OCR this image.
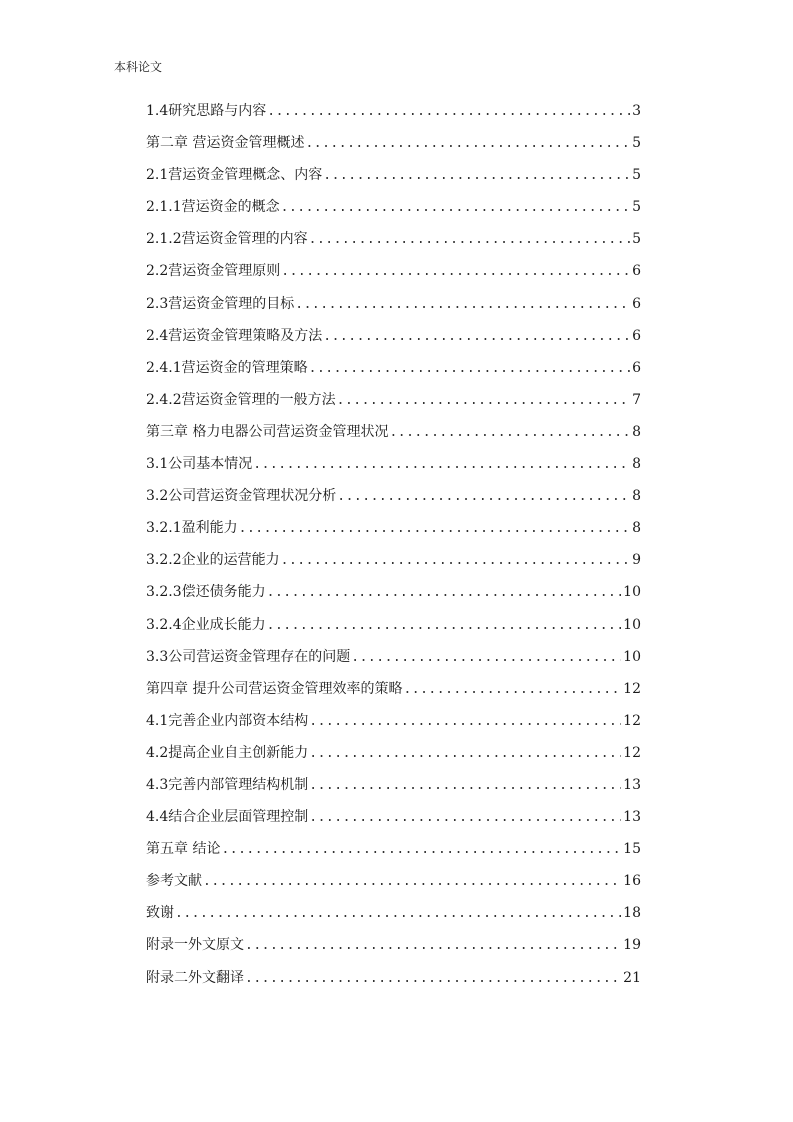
本科论文
1.4研究思路与内容 .....	3
第二章 营运资金管理概述 .....	5
2.1营运资金管理概念、内容 .....	5
2.1.1营运资金的概念 .....	5
2.1.2营运资金管理的内容 .....	5
2.2营运资金管理原则 .....	6
2.3营运资金管理的目标 .....	6
2.4营运资金管理策略及方法 .....	6
2.4.1营运资金的管理策略 .....	6
2.4.2营运资金管理的一般方法 .....	7
第三章 格力电器公司营运资金管理状况 .....	8
3.1公司基本情况 .....	8
3.2公司营运资金管理状况分析 .....	8
3.2.1盈利能力 .....	8
3.2.2企业的运营能力 .....	9
3.2.3偿还债务能力 .....	10
3.2.4企业成长能力 .....	10
3.3公司营运资金管理存在的问题 .....	10
第四章 提升公司营运资金管理效率的策略 .....	12
4.1完善企业内部资本结构 .....	12
4.2提高企业自主创新能力 .....	12
4.3完善内部管理结构机制 .....	13
4.4结合企业层面管理控制 .....	13
第五章 结论 .....	15
参考文献 .....	16
致谢 .....	18
附录一外文原文 .....	19
附录二外文翻译 .....	21
